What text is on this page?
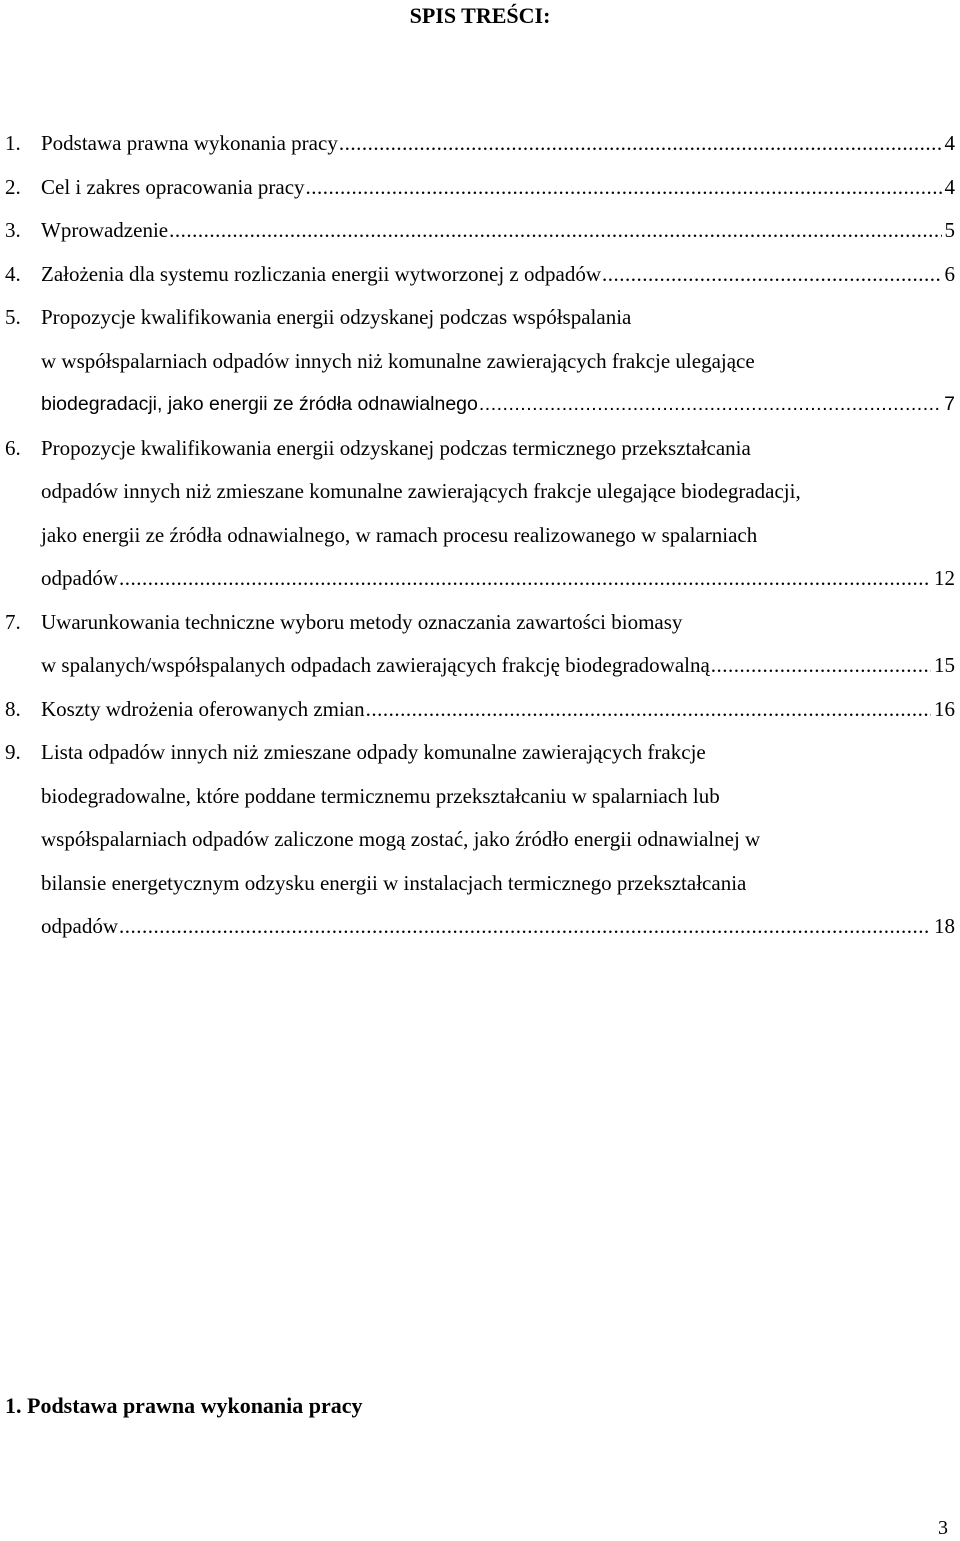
SPIS TREŚCI:
1. Podstawa prawna wykonania pracy .....	4
2. Cel i zakres opracowania pracy .....	4
3. Wprowadzenie .....	5
4. Założenia dla systemu rozliczania energii wytworzonej z odpadów .....	6
5. Propozycje kwalifikowania energii odzyskanej podczas współspalania
w współspalarniach odpadów innych niż komunalne zawierających frakcje ulegające
biodegradacji, jako energii ze źródła odnawialnego .....	7
6. Propozycje kwalifikowania energii odzyskanej podczas termicznego przekształcania
odpadów innych niż zmieszane komunalne zawierających frakcje ulegające biodegradacji,
jako energii ze źródła odnawialnego, w ramach procesu realizowanego w spalarniach
odpadów .....	12
7. Uwarunkowania techniczne wyboru metody oznaczania zawartości biomasy
w spalanych/współspalanych odpadach zawierających frakcję biodegradowalną .....	15
8. Koszty wdrożenia oferowanych zmian .....	16
9. Lista odpadów innych niż zmieszane odpady komunalne zawierających frakcje
biodegradowalne, które poddane termicznemu przekształcaniu w spalarniach lub
współspalarniach odpadów zaliczone mogą zostać, jako źródło energii odnawialnej w
bilansie energetycznym odzysku energii w instalacjach termicznego przekształcania
odpadów .....	18
1. Podstawa prawna wykonania pracy
3
